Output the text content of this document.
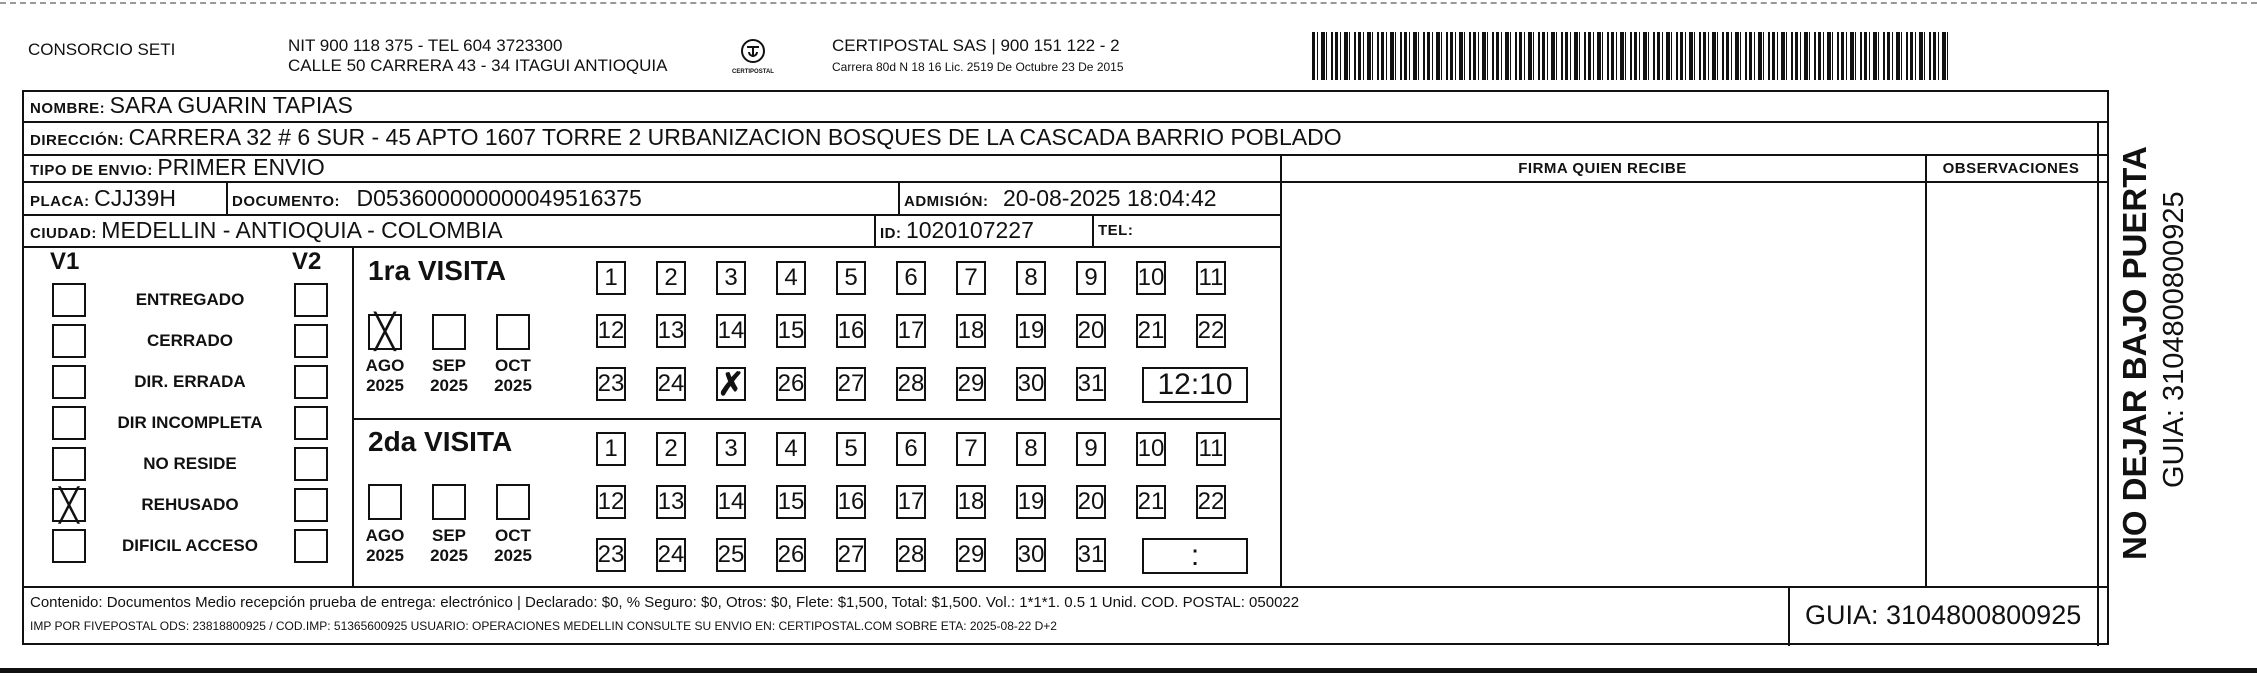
CONSORCIO SETI	NIT 900 118 375 - TEL 604 3723300
CALLE 50 CARRERA 43 - 34 ITAGUI ANTIOQUIA	CERTIPOSTAL
CERTIPOSTAL SAS | 900 151 122 - 2
Carrera 80d N 18 16 Lic. 2519 De Octubre 23 De 2015
NOMBRE: SARA GUARIN TAPIAS
DIRECCIÓN: CARRERA 32 # 6 SUR - 45 APTO 1607 TORRE 2 URBANIZACION BOSQUES DE LA CASCADA BARRIO POBLADO
TIPO DE ENVIO: PRIMER ENVIO	FIRMA QUIEN RECIBE	OBSERVACIONES
PLACA: CJJ39H	DOCUMENTO: D053600000000049516375	ADMISIÓN: 20-08-2025 18:04:42
CIUDAD: MEDELLIN - ANTIOQUIA - COLOMBIA	ID: 1020107227	TEL:
V1	V2
ENTREGADO
CERRADO
DIR. ERRADA
DIR INCOMPLETA
NO RESIDE
╳	REHUSADO
DIFICIL ACCESO
1ra VISITA
╳
AGO
2025
SEP
2025
OCT
2025
1	2	3	4	5	6	7	8	9	10 11
12 13 14 15 16 17 18 19 20 21 22
23 24 ✗ 26 27 28 29 30 31	12:10
2da VISITA
AGO
2025
SEP
2025
OCT
2025
1	2	3	4	5	6	7	8	9	10 11
12 13 14 15 16 17 18 19 20 21 22
23 24 25 26 27 28 29 30 31	:
Contenido: Documentos Medio recepción prueba de entrega: electrónico | Declarado: $0, % Seguro: $0, Otros: $0, Flete: $1,500, Total: $1,500. Vol.: 1*1*1. 0.5 1 Unid. COD. POSTAL: 050022
IMP POR FIVEPOSTAL ODS: 23818800925 / COD.IMP: 51365600925 USUARIO: OPERACIONES MEDELLIN CONSULTE SU ENVIO EN: CERTIPOSTAL.COM SOBRE ETA: 2025-08-22 D+2	GUIA: 3104800800925
NO DEJAR BAJO PUERTA GUIA: 3104800800925
